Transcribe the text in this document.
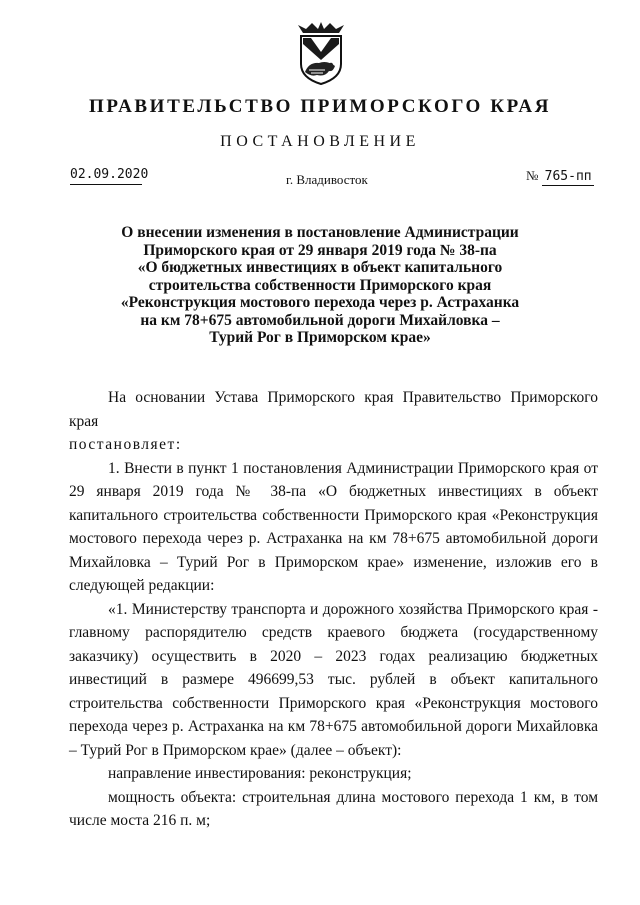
ПРАВИТЕЛЬСТВО ПРИМОРСКОГО КРАЯ
ПОСТАНОВЛЕНИЕ
02.09.2020	г. Владивосток	№ 765-пп
О внесении изменения в постановление Администрации
Приморского края от 29 января 2019 года № 38-па
«О бюджетных инвестициях в объект капитального
строительства собственности Приморского края
«Реконструкция мостового перехода через р. Астраханка
на км 78+675 автомобильной дороги Михайловка –
Турий Рог в Приморском крае»

На основании Устава Приморского края Правительство Приморского края

постановляет:

1. Внести в пункт 1 постановления Администрации Приморского края от 29 января 2019 года № 38-па «О бюджетных инвестициях в объект капитального строительства собственности Приморского края «Реконструкция мостового перехода через р. Астраханка на км 78+675 автомобильной дороги Михайловка – Турий Рог в Приморском крае» изменение, изложив его в следующей редакции:

«1. Министерству транспорта и дорожного хозяйства Приморского края - главному распорядителю средств краевого бюджета (государственному заказчику) осуществить в 2020 – 2023 годах реализацию бюджетных инвестиций в размере 496699,53 тыс. рублей в объект капитального строительства собственности Приморского края «Реконструкция мостового перехода через р. Астраханка на км 78+675 автомобильной дороги Михайловка – Турий Рог в Приморском крае» (далее – объект):

направление инвестирования: реконструкция;

мощность объекта: строительная длина мостового перехода 1 км, в том числе моста 216 п. м;
